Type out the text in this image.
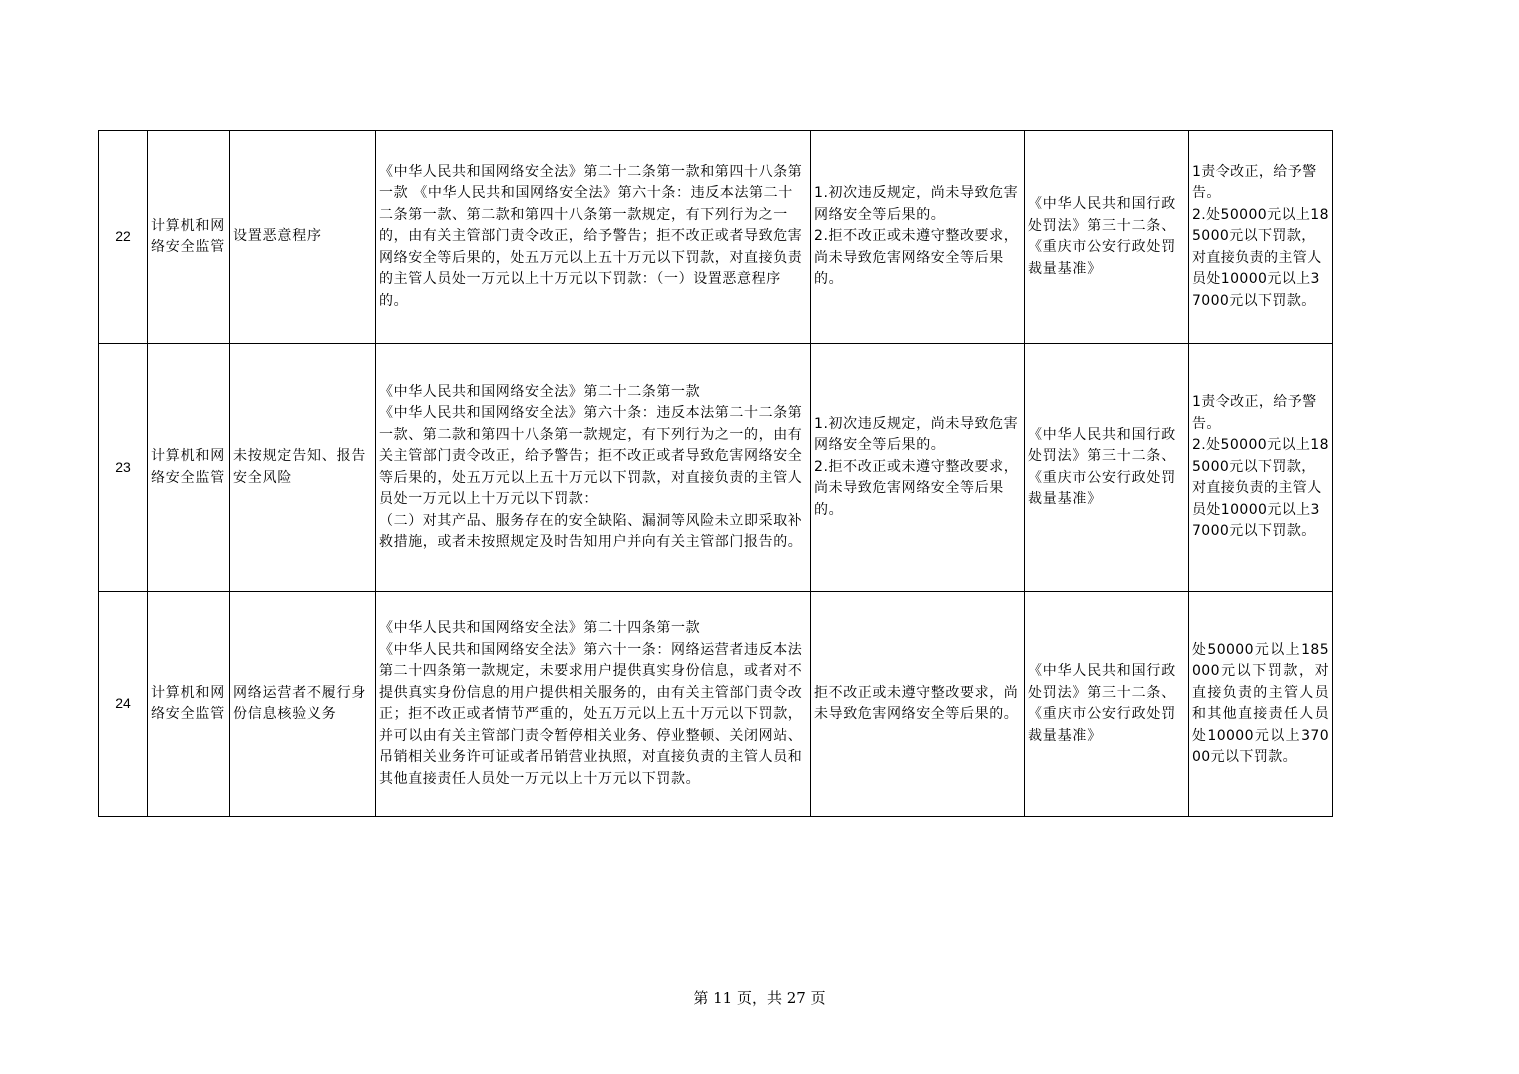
22	计算机和网络安全监管	设置恶意程序	《中华人民共和国网络安全法》第二十二条第一款和第四十八条第一款 《中华人民共和国网络安全法》第六十条：违反本法第二十二条第一款、第二款和第四十八条第一款规定，有下列行为之一的，由有关主管部门责令改正，给予警告；拒不改正或者导致危害网络安全等后果的，处五万元以上五十万元以下罚款，对直接负责的主管人员处一万元以上十万元以下罚款：（一）设置恶意程序的。	1.初次违反规定，尚未导致危害网络安全等后果的。
2.拒不改正或未遵守整改要求，尚未导致危害网络安全等后果的。	《中华人民共和国行政处罚法》第三十二条、《重庆市公安行政处罚裁量基准》	1责令改正，给予警告。
2.处50000元以上185000元以下罚款，对直接负责的主管人员处10000元以上37000元以下罚款。
23	计算机和网络安全监管	未按规定告知、报告安全风险	《中华人民共和国网络安全法》第二十二条第一款
《中华人民共和国网络安全法》第六十条：违反本法第二十二条第一款、第二款和第四十八条第一款规定，有下列行为之一的，由有关主管部门责令改正，给予警告；拒不改正或者导致危害网络安全等后果的，处五万元以上五十万元以下罚款，对直接负责的主管人员处一万元以上十万元以下罚款：
（二）对其产品、服务存在的安全缺陷、漏洞等风险未立即采取补救措施，或者未按照规定及时告知用户并向有关主管部门报告的。	1.初次违反规定，尚未导致危害网络安全等后果的。
2.拒不改正或未遵守整改要求，尚未导致危害网络安全等后果的。	《中华人民共和国行政处罚法》第三十二条、《重庆市公安行政处罚裁量基准》	1责令改正，给予警告。
2.处50000元以上185000元以下罚款，对直接负责的主管人员处10000元以上37000元以下罚款。
24	计算机和网络安全监管	网络运营者不履行身份信息核验义务	《中华人民共和国网络安全法》第二十四条第一款
《中华人民共和国网络安全法》第六十一条：网络运营者违反本法第二十四条第一款规定，未要求用户提供真实身份信息，或者对不提供真实身份信息的用户提供相关服务的，由有关主管部门责令改正；拒不改正或者情节严重的，处五万元以上五十万元以下罚款，并可以由有关主管部门责令暂停相关业务、停业整顿、关闭网站、吊销相关业务许可证或者吊销营业执照，对直接负责的主管人员和其他直接责任人员处一万元以上十万元以下罚款。	拒不改正或未遵守整改要求，尚未导致危害网络安全等后果的。	《中华人民共和国行政处罚法》第三十二条、《重庆市公安行政处罚裁量基准》	处50000元以上185000元以下罚款，对直接负责的主管人员和其他直接责任人员处10000元以上37000元以下罚款。
第 11 页，共 27 页
